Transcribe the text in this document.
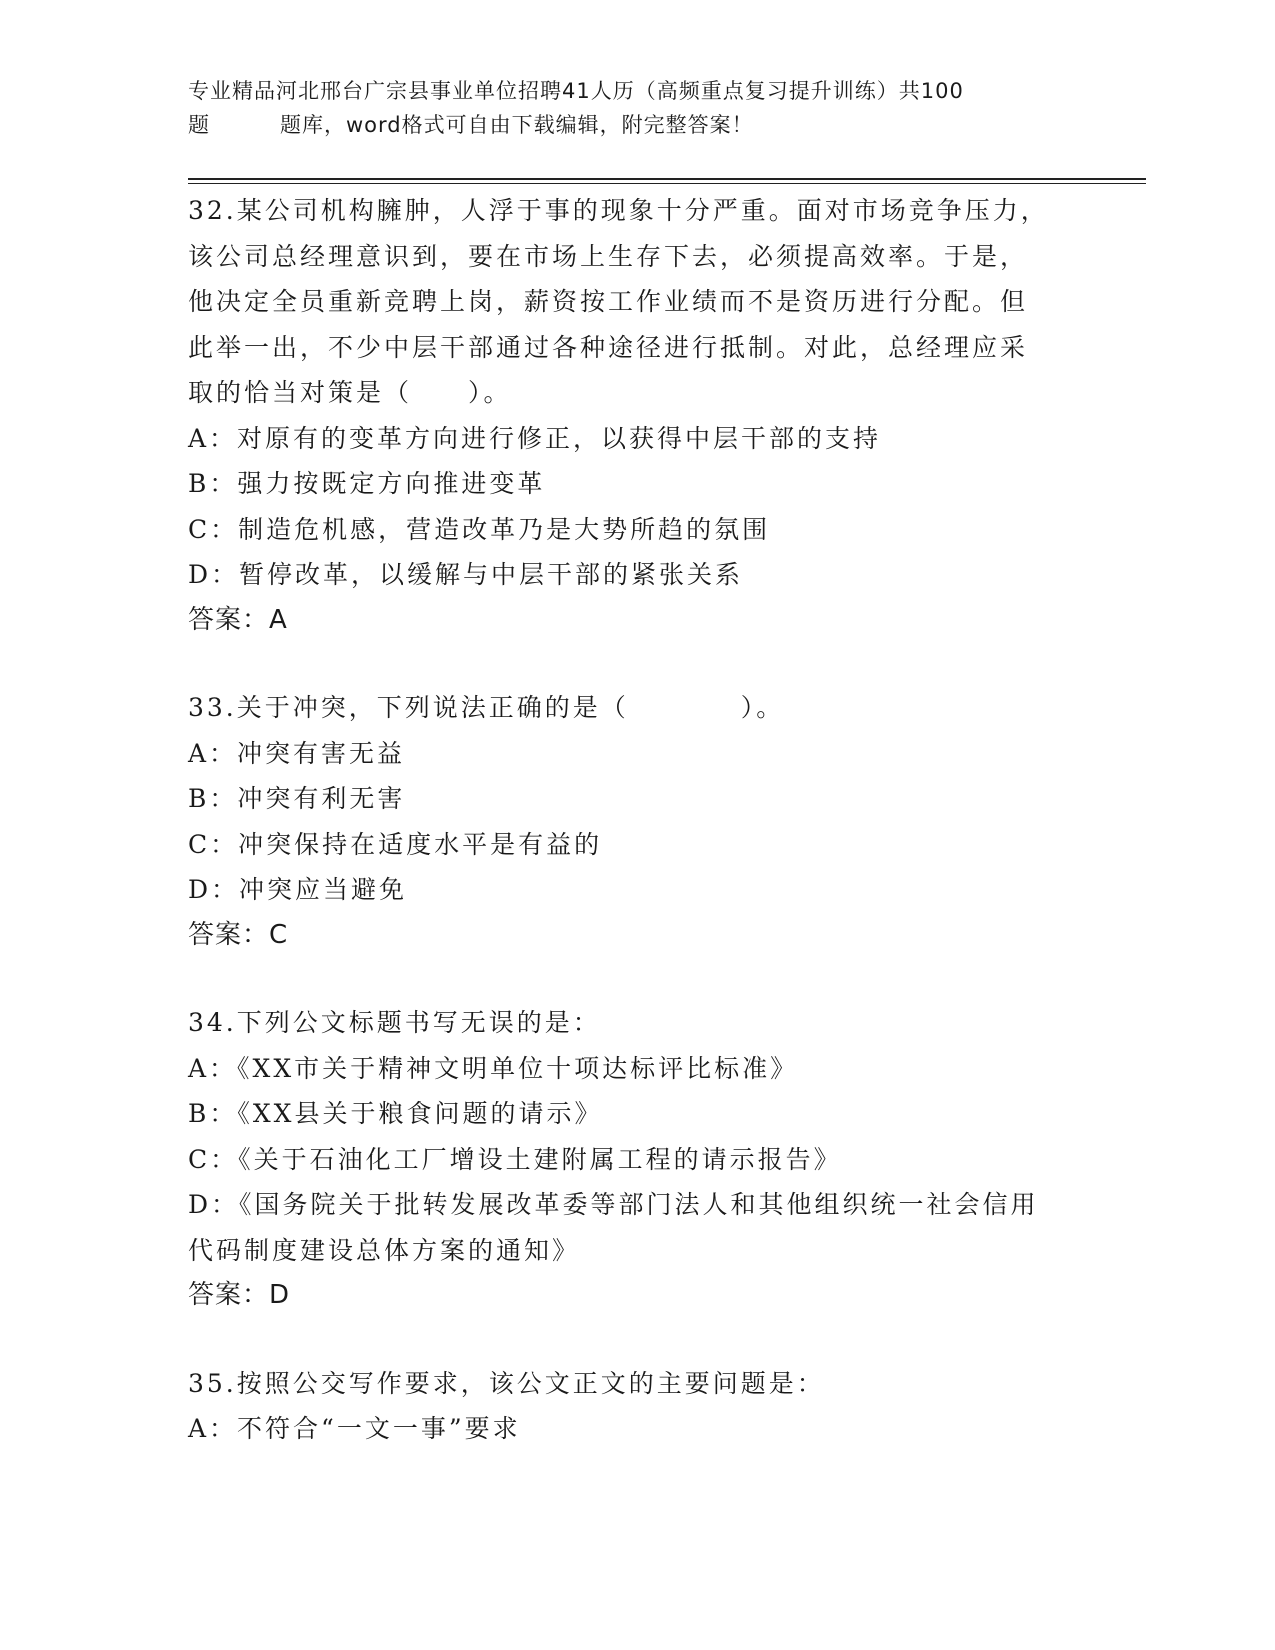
专业精品河北邢台广宗县事业单位招聘41人历（高频重点复习提升训练）共100
题	题库，word格式可自由下载编辑，附完整答案！
32.某公司机构臃肿，人浮于事的现象十分严重。面对市场竞争压力，
该公司总经理意识到，要在市场上生存下去，必须提高效率。于是，
他决定全员重新竞聘上岗，薪资按工作业绩而不是资历进行分配。但
此举一出，不少中层干部通过各种途径进行抵制。对此，总经理应采
取的恰当对策是（　　）。
A：对原有的变革方向进行修正，以获得中层干部的支持
B：强力按既定方向推进变革
C：制造危机感，营造改革乃是大势所趋的氛围
D：暂停改革，以缓解与中层干部的紧张关系
答案：A
33.关于冲突，下列说法正确的是（　　　　）。
A：冲突有害无益
B：冲突有利无害
C：冲突保持在适度水平是有益的
D：冲突应当避免
答案：C
34.下列公文标题书写无误的是：
A：《XX市关于精神文明单位十项达标评比标准》
B：《XX县关于粮食问题的请示》
C：《关于石油化工厂增设土建附属工程的请示报告》
D：《国务院关于批转发展改革委等部门法人和其他组织统一社会信用
代码制度建设总体方案的通知》
答案：D
35.按照公交写作要求，该公文正文的主要问题是：
A：不符合“一文一事”要求
